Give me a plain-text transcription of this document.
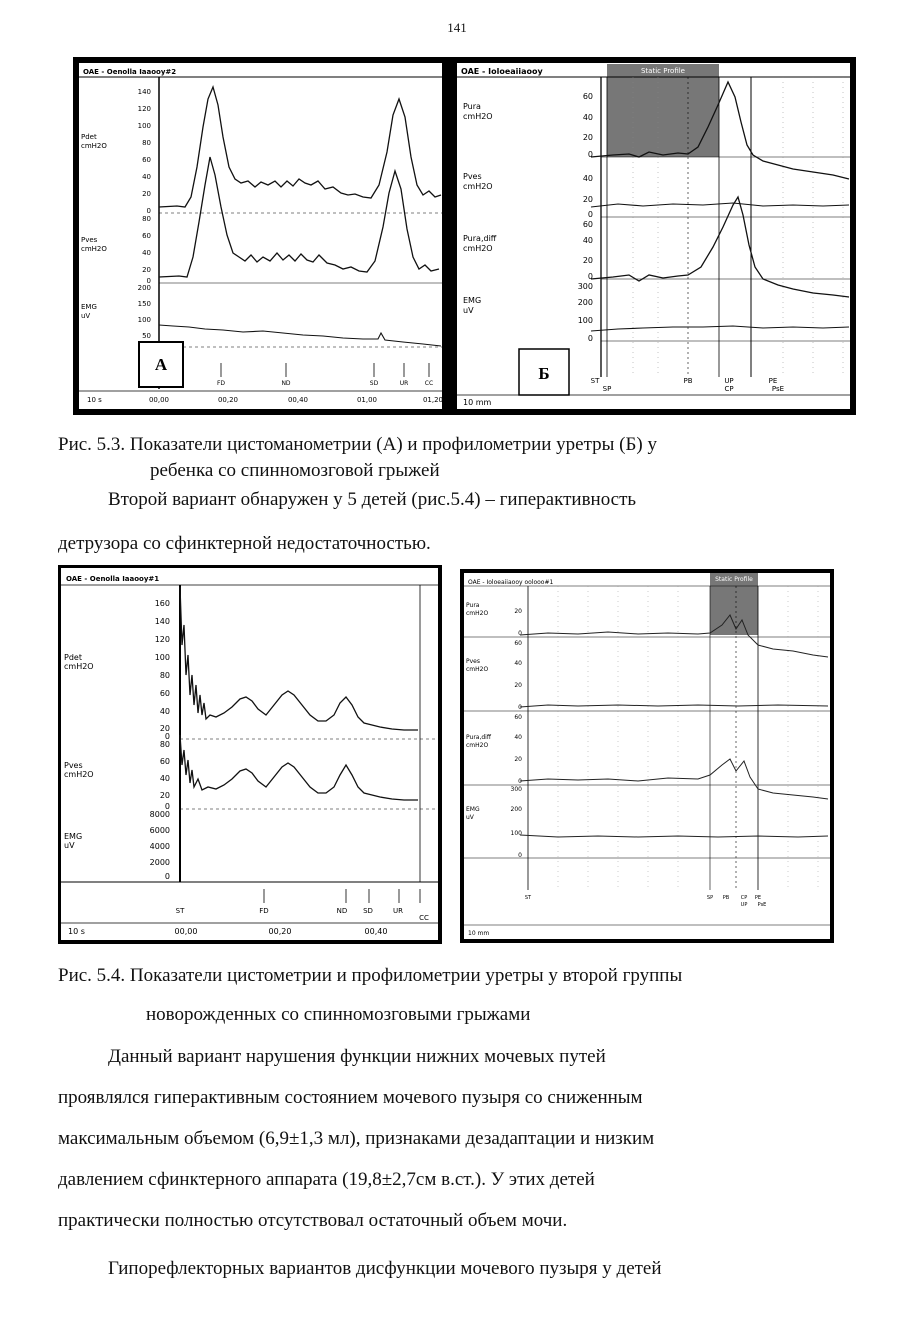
141
OAE - Oenolla Iaaooy#2
Pdet
cmH2O
Pves
cmH2O
EMG
uV
140
120
100
80
60
40
20
0
80
60
40
20
0
200
150
100
50
FD	ND	SD	UR	CC
10 s	00,00	00,20	00,40	01,00	01,20
А
OAE - Ioloeaiiaooy	Static Profile
Pura
cmH2O
Pves
cmH2O
Pura,diff
cmH2O
EMG
uV
60
40
20
0
40
20
0
60
40
20
0
300
200
100
0
ST
SP
PB	UP
CP
PE
PsE
10 mm
Б
Рис. 5.3. Показатели цистоманометрии (А) и профилометрии уретры (Б) у
ребенка со спинномозговой грыжей
Второй вариант обнаружен у 5 детей (рис.5.4) – гиперактивность
детрузора со сфинктерной недостаточностью.
OAE - Oenolla Iaaooy#1
Pdet
cmH2O
Pves
cmH2O
EMG
uV
160
140
120
100
80
60
40
20
0
80
60
40
20
0
8000
6000
4000
2000
0
ST	FD	ND SD	UR
CC
10 s	00,00	00,20	00,40
OAE - Ioloeaiiaooy oolooo#1	Static Profile
Pura
cmH2O
Pves
cmH2O
Pura,diff
cmH2O
EMG
uV
20
0
60
40
20
0
60
40
20
0
300
200
100
0
ST	SP PB CP
UP
PE
PsE
10 mm
Рис. 5.4. Показатели цистометрии и профилометрии уретры у второй группы
новорожденных со спинномозговыми грыжами
Данный вариант нарушения функции нижних мочевых путей
проявлялся гиперактивным состоянием мочевого пузыря со сниженным
максимальным объемом (6,9±1,3 мл), признаками дезадаптации и низким
давлением сфинктерного аппарата (19,8±2,7см в.ст.). У этих детей
практически полностью отсутствовал остаточный объем мочи.
Гипорефлекторных вариантов дисфункции мочевого пузыря у детей
